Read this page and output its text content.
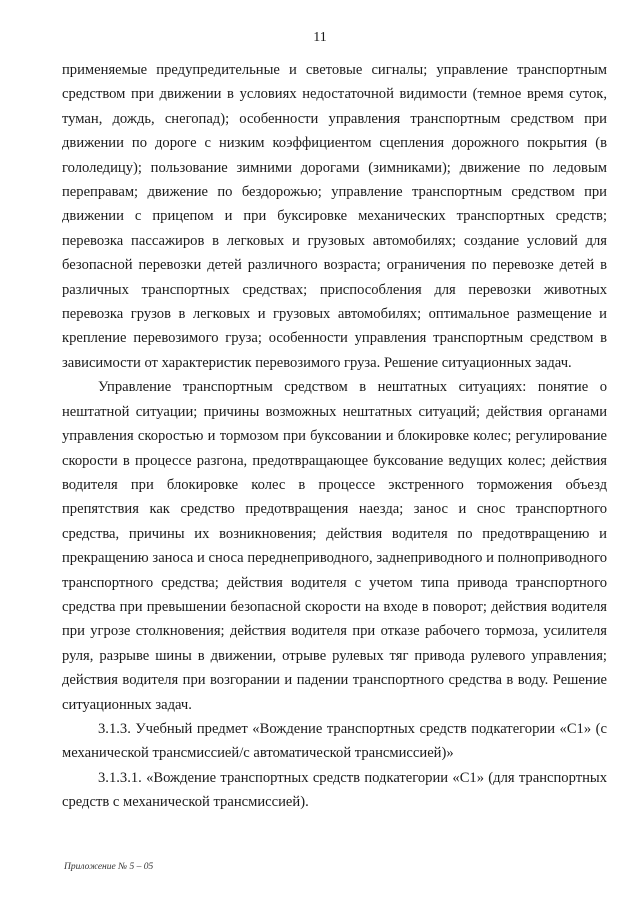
11

применяемые предупредительные и световые сигналы; управление транспортным средством при движении в условиях недостаточной видимости (темное время суток, туман, дождь, снегопад); особенности управления транспортным средством при движении по дороге с низким коэффициентом сцепления дорожного покрытия (в гололедицу); пользование зимними дорогами (зимниками); движение по ледовым переправам; движение по бездорожью; управление транспортным средством при движении с прицепом и при буксировке механических транспортных средств; перевозка пассажиров в легковых и грузовых автомобилях; создание условий для безопасной перевозки детей различного возраста; ограничения по перевозке детей в различных транспортных средствах; приспособления для перевозки животных перевозка грузов в легковых и грузовых автомобилях; оптимальное размещение и крепление перевозимого груза; особенности управления транспортным средством в зависимости от характеристик перевозимого груза. Решение ситуационных задач.

Управление транспортным средством в нештатных ситуациях: понятие о нештатной ситуации; причины возможных нештатных ситуаций; действия органами управления скоростью и тормозом при буксовании и блокировке колес; регулирование скорости в процессе разгона, предотвращающее буксование ведущих колес; действия водителя при блокировке колес в процессе экстренного торможения объезд препятствия как средство предотвращения наезда; занос и снос транспортного средства, причины их возникновения; действия водителя по предотвращению и прекращению заноса и сноса переднеприводного, заднеприводного и полноприводного транспортного средства; действия водителя с учетом типа привода транспортного средства при превышении безопасной скорости на входе в поворот; действия водителя при угрозе столкновения; действия водителя при отказе рабочего тормоза, усилителя руля, разрыве шины в движении, отрыве рулевых тяг привода рулевого управления; действия водителя при возгорании и падении транспортного средства в воду. Решение ситуационных задач.

3.1.3. Учебный предмет «Вождение транспортных средств подкатегории «C1» (с механической трансмиссией/с автоматической трансмиссией)»

3.1.3.1. «Вождение транспортных средств подкатегории «C1» (для транспортных средств с механической трансмиссией).

Приложение № 5 – 05
